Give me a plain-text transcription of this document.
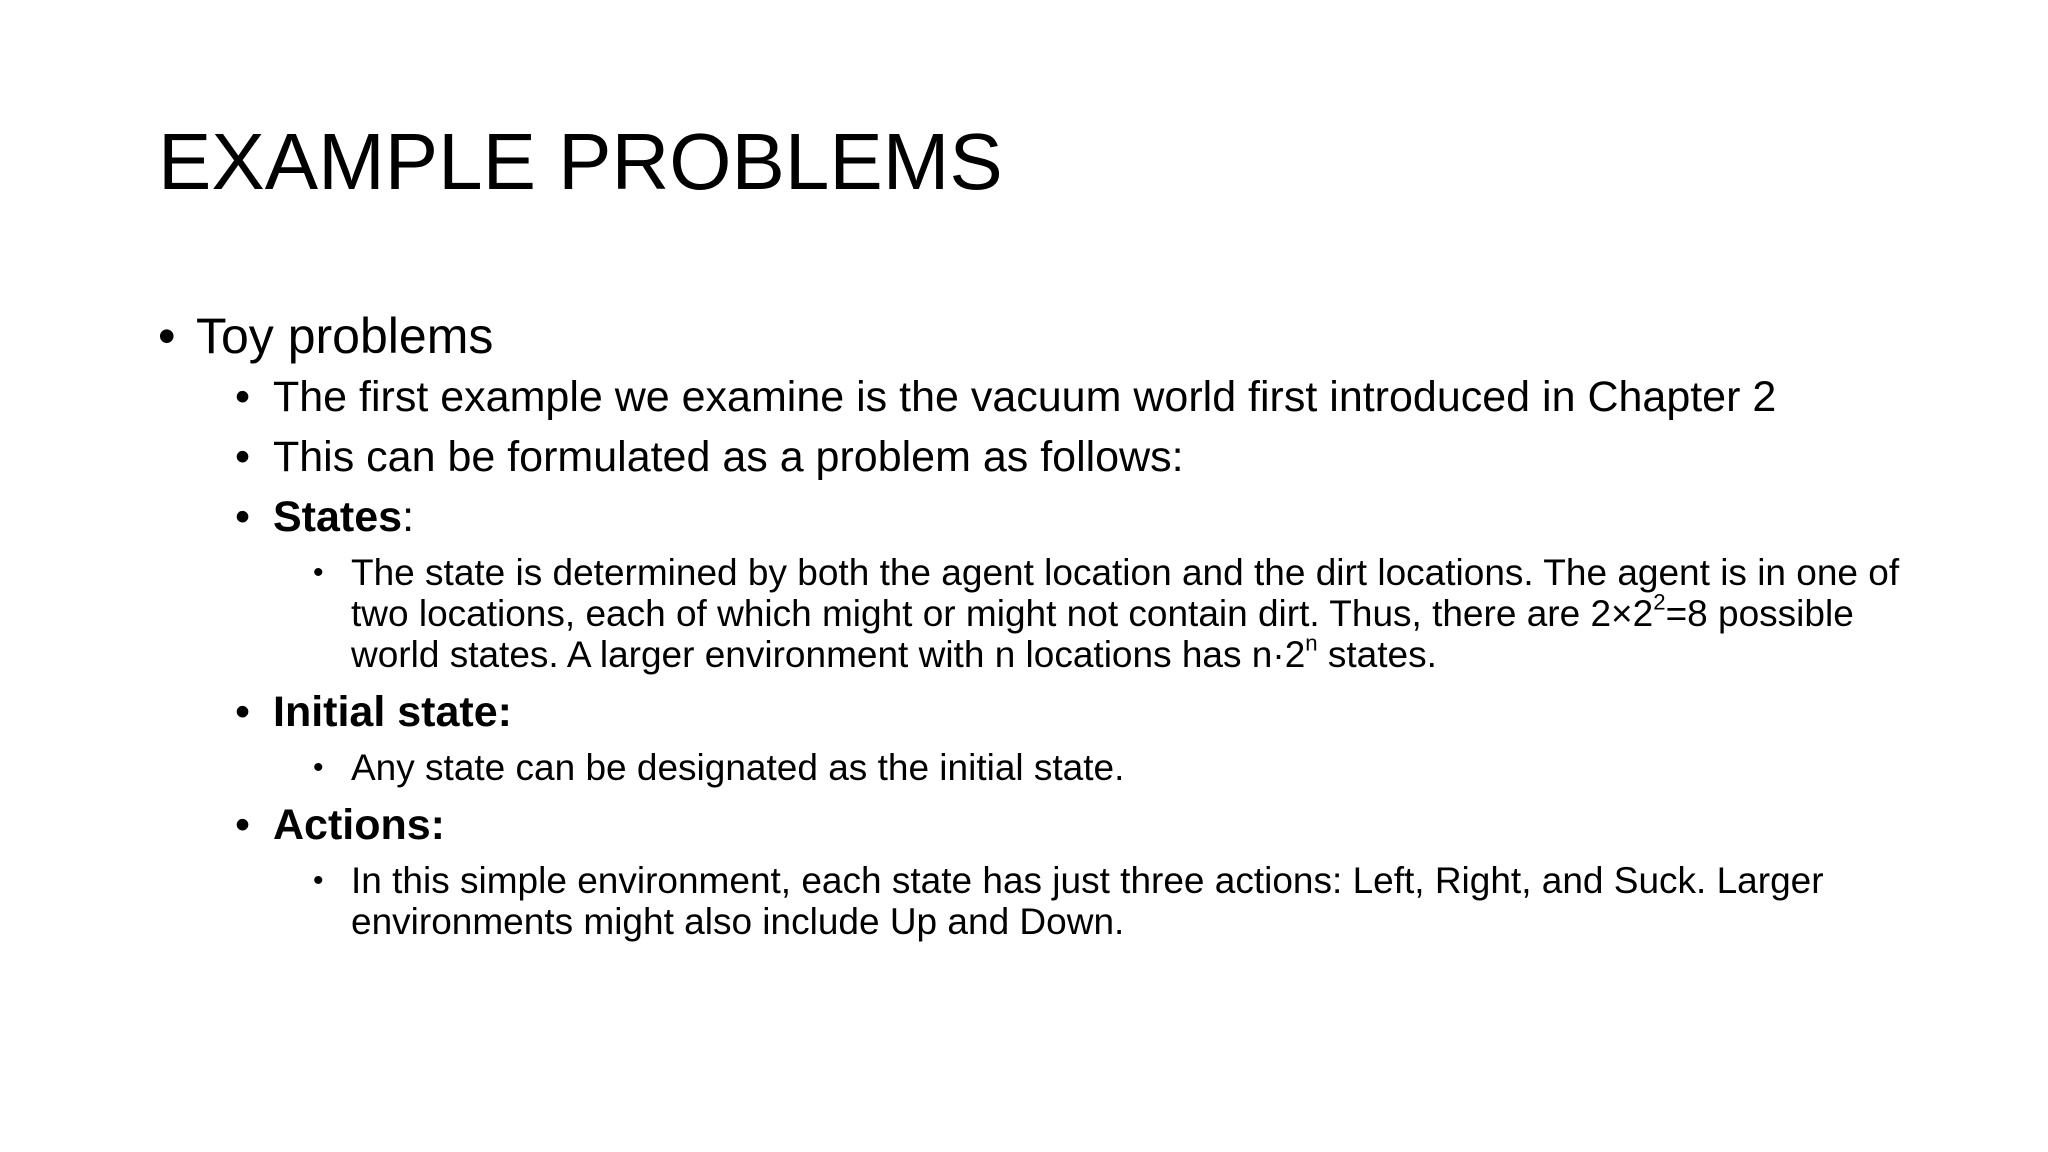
EXAMPLE PROBLEMS
• Toy problems
• The first example we examine is the vacuum world first introduced in Chapter 2
• This can be formulated as a problem as follows:
• States:
• The state is determined by both the agent location and the dirt locations. The agent is in one of two locations, each of which might or might not contain dirt. Thus, there are $2\times 2^2=8$ possible world states. A larger environment with n locations has $n\cdot 2^n$ states.
• Initial state:
• Any state can be designated as the initial state.
• Actions:
• In this simple environment, each state has just three actions: Left, Right, and Suck. Larger environments might also include Up and Down.
